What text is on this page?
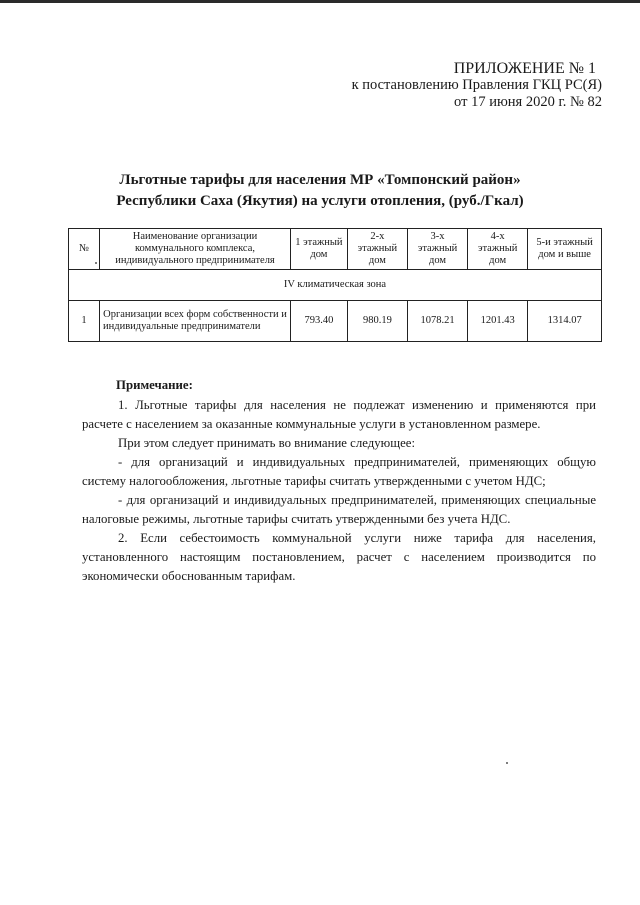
ПРИЛОЖЕНИЕ № 1
к постановлению Правления ГКЦ РС(Я)
от 17 июня 2020 г. № 82
Льготные тарифы для населения МР «Томпонский район»
Республики Саха (Якутия) на услуги отопления, (руб./Гкал)
№	Наименование организации коммунального комплекса, индивидуального предпринимателя	1 этажный дом	2-х этажный дом	3-х этажный дом	4-х этажный дом	5-и этажный дом и выше
IV климатическая зона						
1	Организации всех форм собственности и индивидуальные предприниматели	793.40	980.19	1078.21	1201.43	1314.07
Примечание:

1. Льготные тарифы для населения не подлежат изменению и применяются при расчете с населением за оказанные коммунальные услуги в установленном размере.

При этом следует принимать во внимание следующее:

- для организаций и индивидуальных предпринимателей, применяющих общую систему налогообложения, льготные тарифы считать утвержденными с учетом НДС;

- для организаций и индивидуальных предпринимателей, применяющих специальные налоговые режимы, льготные тарифы считать утвержденными без учета НДС.

2. Если себестоимость коммунальной услуги ниже тарифа для населения, установленного настоящим постановлением, расчет с населением производится по экономически обоснованным тарифам.
